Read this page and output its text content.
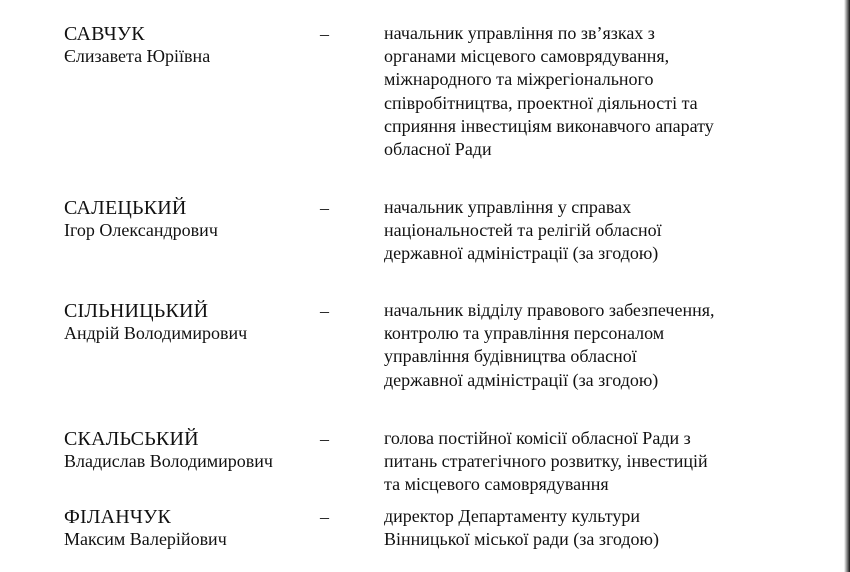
САВЧУК
Єлизавета Юріївна
–	начальник управління по зв’язках з
органами місцевого самоврядування,
міжнародного та міжрегіонального
співробітництва, проектної діяльності та
сприяння інвестиціям виконавчого апарату
обласної Ради
САЛЕЦЬКИЙ
Ігор Олександрович
–	начальник управління у справах
національностей та релігій обласної
державної адміністрації (за згодою)
СІЛЬНИЦЬКИЙ
Андрій Володимирович
–	начальник відділу правового забезпечення,
контролю та управління персоналом
управління будівництва обласної
державної адміністрації (за згодою)
СКАЛЬСЬКИЙ
Владислав Володимирович
–	голова постійної комісії обласної Ради з
питань стратегічного розвитку, інвестицій
та місцевого самоврядування
ФІЛАНЧУК
Максим Валерійович
–	директор Департаменту культури
Вінницької міської ради (за згодою)
